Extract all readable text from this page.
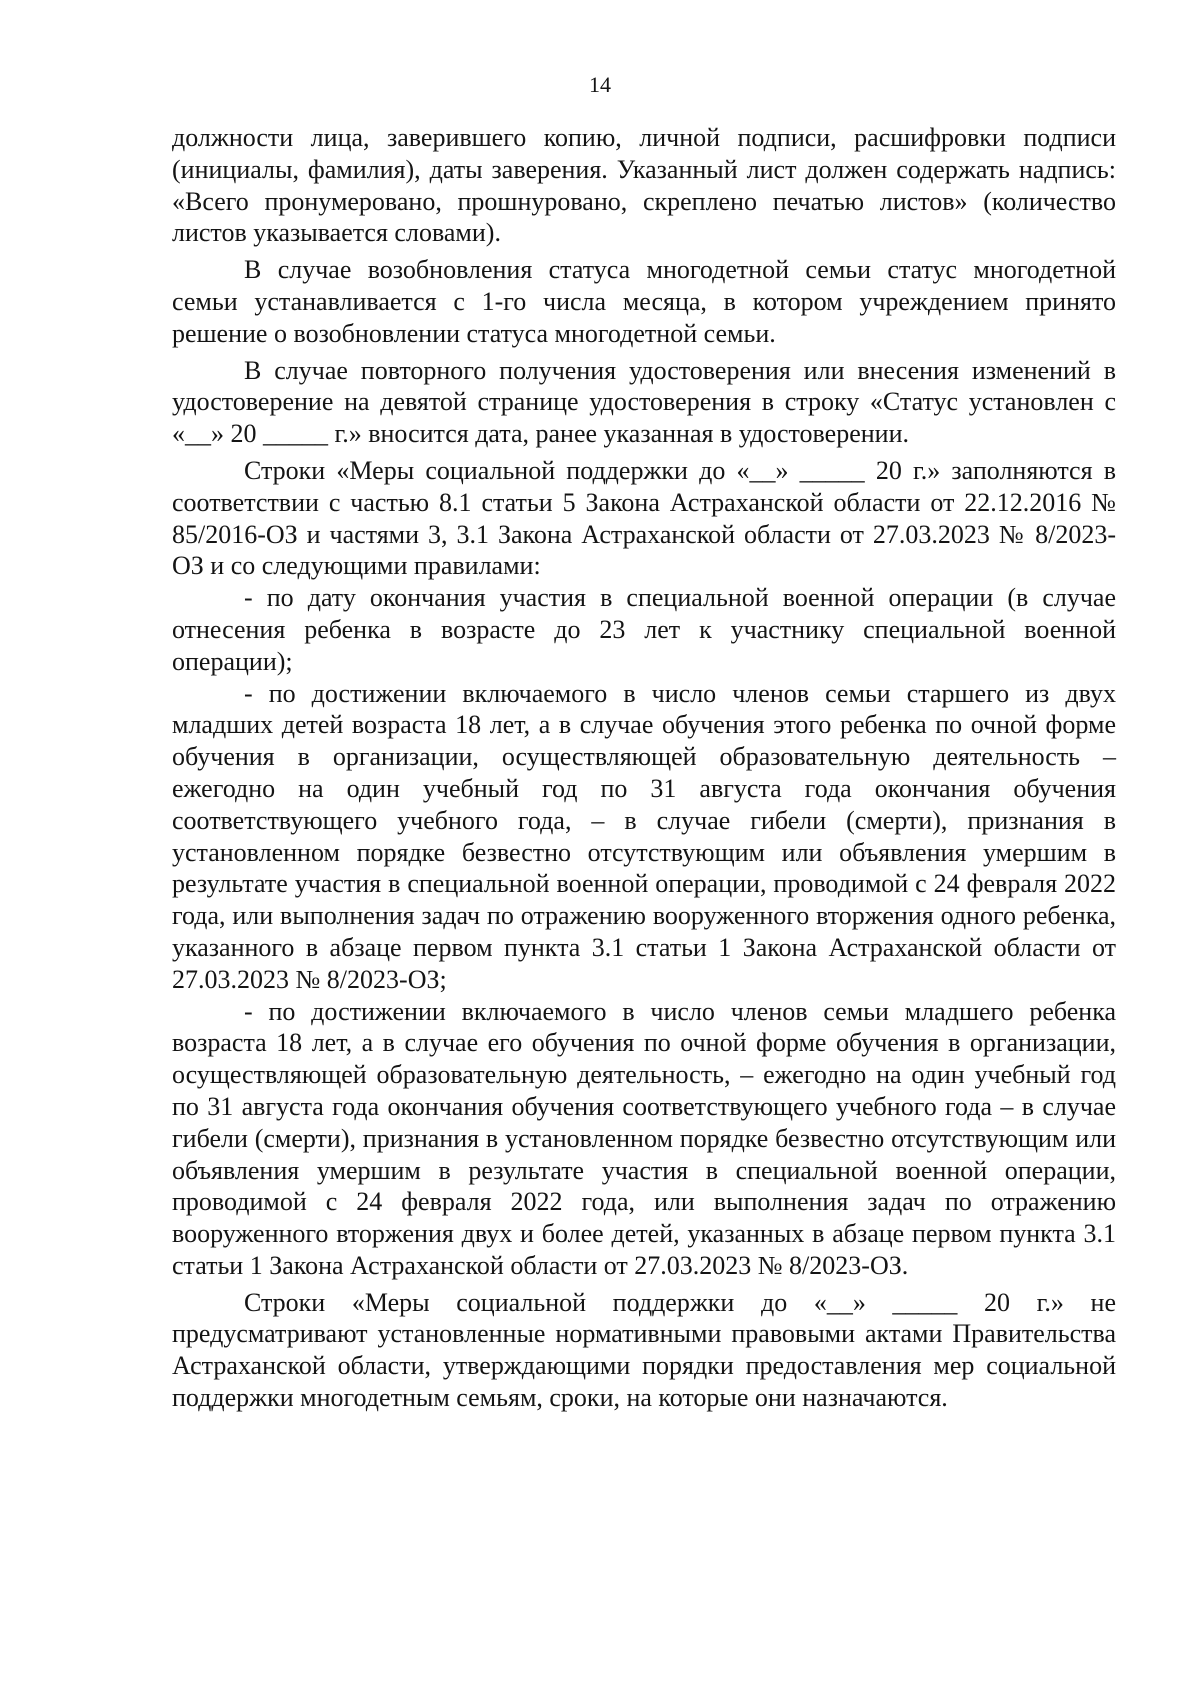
14

должности лица, заверившего копию, личной подписи, расшифровки подписи (инициалы, фамилия), даты заверения. Указанный лист должен содержать надпись: «Всего пронумеровано, прошнуровано, скреплено печатью листов» (количество листов указывается словами).

В случае возобновления статуса многодетной семьи статус многодетной семьи устанавливается с 1-го числа месяца, в котором учреждением принято решение о возобновлении статуса многодетной семьи.

В случае повторного получения удостоверения или внесения изменений в удостоверение на девятой странице удостоверения в строку «Статус установлен с «__» 20 _____ г.» вносится дата, ранее указанная в удостоверении.

Строки «Меры социальной поддержки до «__» _____ 20 г.» заполняются в соответствии с частью 8.1 статьи 5 Закона Астраханской области от 22.12.2016 № 85/2016-ОЗ и частями 3, 3.1 Закона Астраханской области от 27.03.2023 № 8/2023-ОЗ и со следующими правилами:

- по дату окончания участия в специальной военной операции (в случае отнесения ребенка в возрасте до 23 лет к участнику специальной военной операции);

- по достижении включаемого в число членов семьи старшего из двух младших детей возраста 18 лет, а в случае обучения этого ребенка по очной форме обучения в организации, осуществляющей образовательную деятельность – ежегодно на один учебный год по 31 августа года окончания обучения соответствующего учебного года, – в случае гибели (смерти), признания в установленном порядке безвестно отсутствующим или объявления умершим в результате участия в специальной военной операции, проводимой с 24 февраля 2022 года, или выполнения задач по отражению вооруженного вторжения одного ребенка, указанного в абзаце первом пункта 3.1 статьи 1 Закона Астраханской области от 27.03.2023 № 8/2023-ОЗ;

- по достижении включаемого в число членов семьи младшего ребенка возраста 18 лет, а в случае его обучения по очной форме обучения в организации, осуществляющей образовательную деятельность, – ежегодно на один учебный год по 31 августа года окончания обучения соответствующего учебного года – в случае гибели (смерти), признания в установленном порядке безвестно отсутствующим или объявления умершим в результате участия в специальной военной операции, проводимой с 24 февраля 2022 года, или выполнения задач по отражению вооруженного вторжения двух и более детей, указанных в абзаце первом пункта 3.1 статьи 1 Закона Астраханской области от 27.03.2023 № 8/2023-ОЗ.

Строки «Меры социальной поддержки до «__» _____ 20 г.» не предусматривают установленные нормативными правовыми актами Правительства Астраханской области, утверждающими порядки предоставления мер социальной поддержки многодетным семьям, сроки, на которые они назначаются.
